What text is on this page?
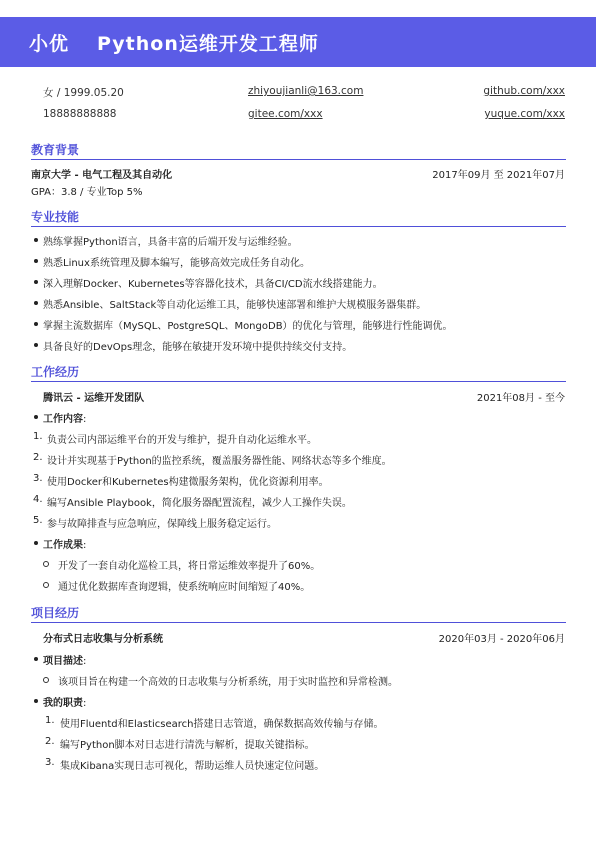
小优 Python运维开发工程师
女 / 1999.05.20	zhiyoujianli@163.com	github.com/xxx
18888888888	gitee.com/xxx	yuque.com/xxx
教育背景
南京大学 - 电气工程及其自动化	2017年09月 至 2021年07月
GPA：3.8 / 专业Top 5%
专业技能
熟练掌握Python语言，具备丰富的后端开发与运维经验。
熟悉Linux系统管理及脚本编写，能够高效完成任务自动化。
深入理解Docker、Kubernetes等容器化技术，具备CI/CD流水线搭建能力。
熟悉Ansible、SaltStack等自动化运维工具，能够快速部署和维护大规模服务器集群。
掌握主流数据库（MySQL、PostgreSQL、MongoDB）的优化与管理，能够进行性能调优。
具备良好的DevOps理念，能够在敏捷开发环境中提供持续交付支持。
工作经历
腾讯云 - 运维开发团队	2021年08月 - 至今
工作内容:
1. 负责公司内部运维平台的开发与维护，提升自动化运维水平。
2. 设计并实现基于Python的监控系统，覆盖服务器性能、网络状态等多个维度。
3. 使用Docker和Kubernetes构建微服务架构，优化资源利用率。
4. 编写Ansible Playbook，简化服务器配置流程，减少人工操作失误。
5. 参与故障排查与应急响应，保障线上服务稳定运行。
工作成果:
开发了一套自动化巡检工具，将日常运维效率提升了60%。
通过优化数据库查询逻辑，使系统响应时间缩短了40%。
项目经历
分布式日志收集与分析系统	2020年03月 - 2020年06月
项目描述:
该项目旨在构建一个高效的日志收集与分析系统，用于实时监控和异常检测。
我的职责:
1. 使用Fluentd和Elasticsearch搭建日志管道，确保数据高效传输与存储。
2. 编写Python脚本对日志进行清洗与解析，提取关键指标。
3. 集成Kibana实现日志可视化，帮助运维人员快速定位问题。
